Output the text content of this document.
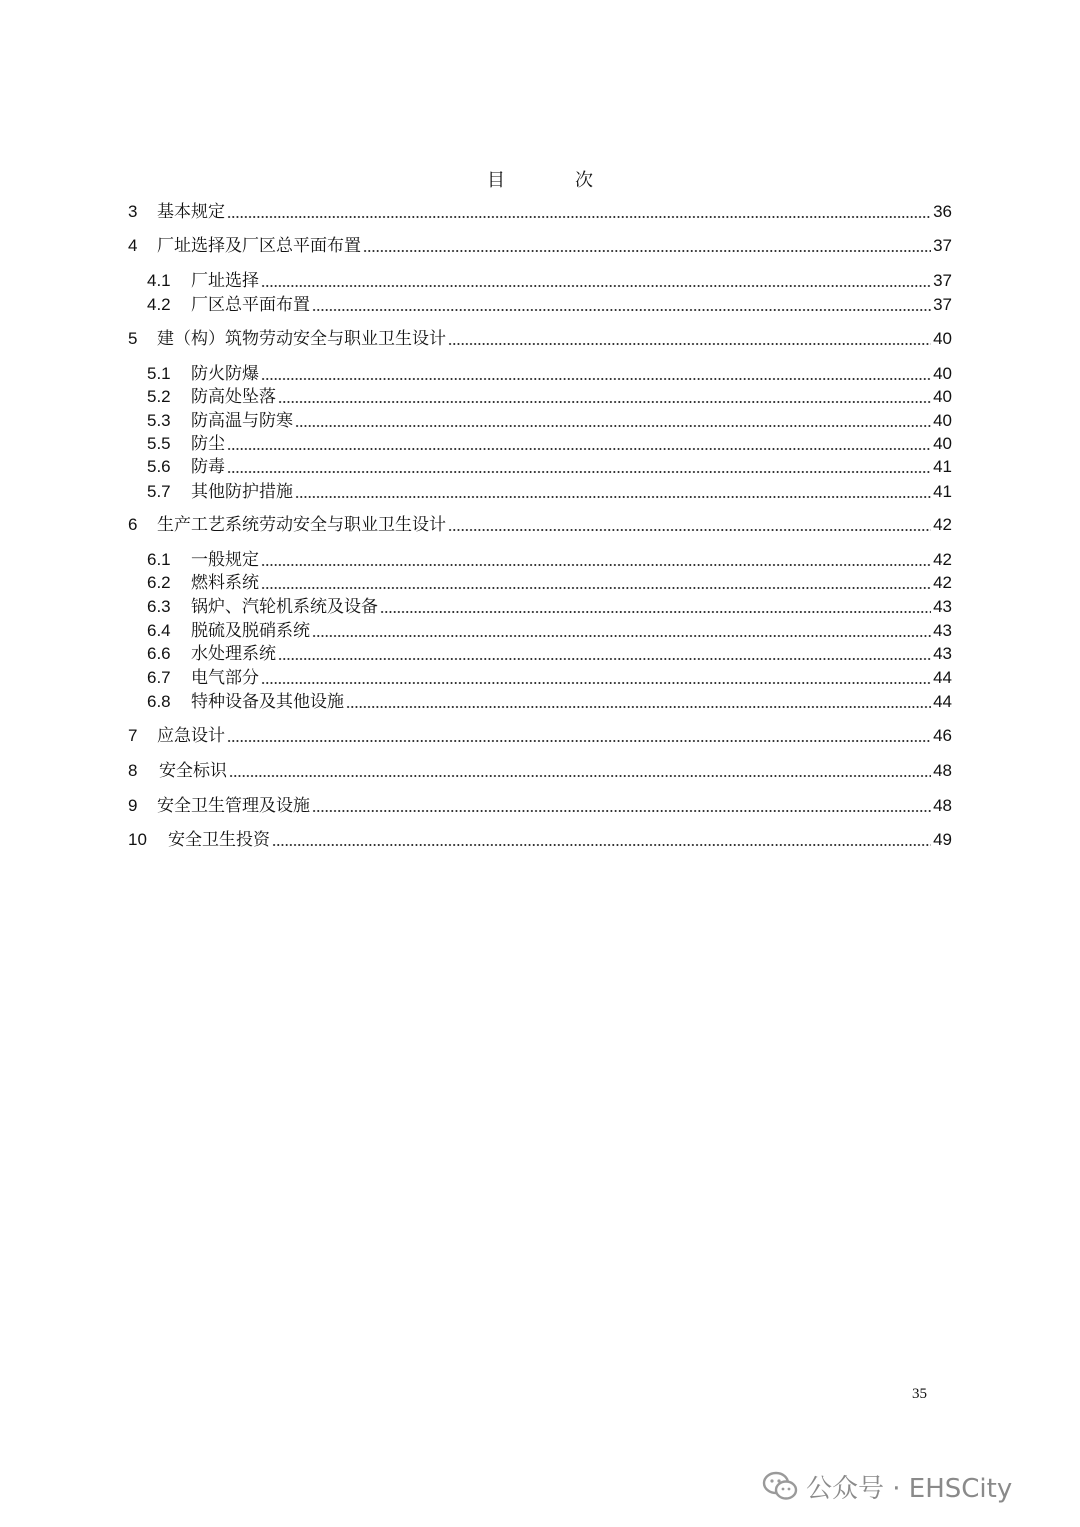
目　次
3	基本规定	36
4	厂址选择及厂区总平面布置	37
4.1	厂址选择	37
4.2	厂区总平面布置	37
5	建（构）筑物劳动安全与职业卫生设计	40
5.1	防火防爆	40
5.2	防高处坠落	40
5.3	防高温与防寒	40
5.5	防尘	40
5.6	防毒	41
5.7	其他防护措施	41
6	生产工艺系统劳动安全与职业卫生设计	42
6.1	一般规定	42
6.2	燃料系统	42
6.3	锅炉、汽轮机系统及设备	43
6.4	脱硫及脱硝系统	43
6.6	水处理系统	43
6.7	电气部分	44
6.8	特种设备及其他设施	44
7	应急设计	46
8	安全标识	48
9	安全卫生管理及设施	48
10	安全卫生投资	49
35
公众号 · EHSCity
